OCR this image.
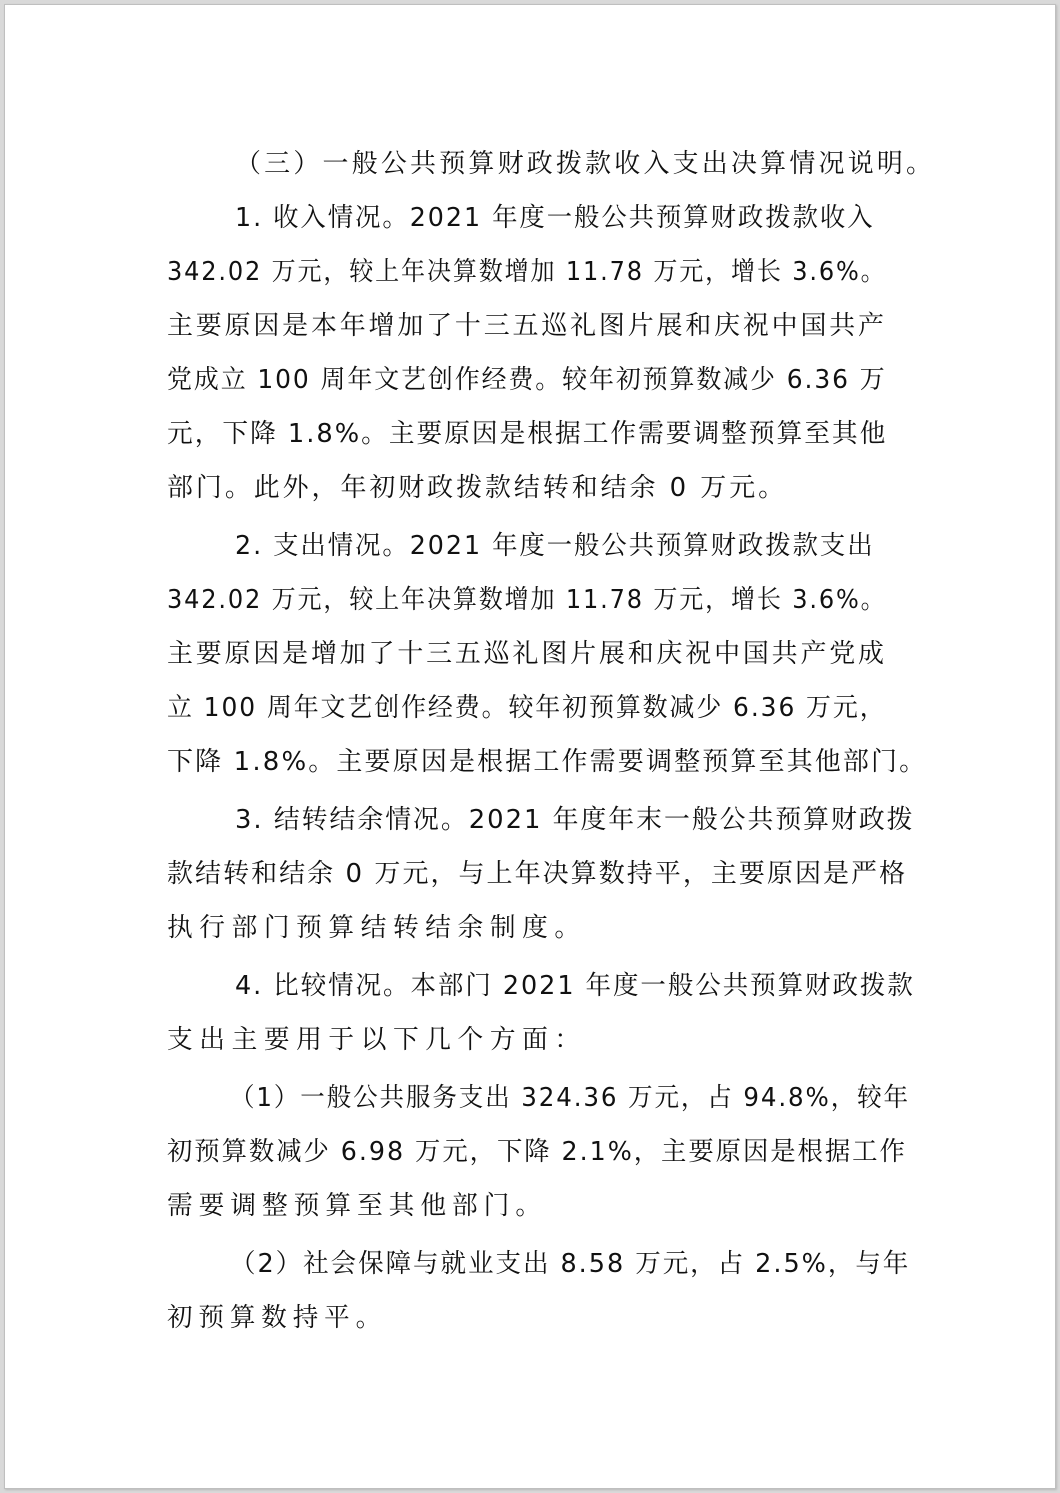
（三）一般公共预算财政拨款收入支出决算情况说明。
1. 收入情况。2021 年度一般公共预算财政拨款收入
342.02 万元，较上年决算数增加 11.78 万元，增长 3.6%。
主要原因是本年增加了十三五巡礼图片展和庆祝中国共产
党成立 100 周年文艺创作经费。较年初预算数减少 6.36 万
元，下降 1.8%。主要原因是根据工作需要调整预算至其他
部门。此外，年初财政拨款结转和结余 0 万元。
2. 支出情况。2021 年度一般公共预算财政拨款支出
342.02 万元，较上年决算数增加 11.78 万元，增长 3.6%。
主要原因是增加了十三五巡礼图片展和庆祝中国共产党成
立 100 周年文艺创作经费。较年初预算数减少 6.36 万元，
下降 1.8%。主要原因是根据工作需要调整预算至其他部门。
3. 结转结余情况。2021 年度年末一般公共预算财政拨
款结转和结余 0 万元，与上年决算数持平，主要原因是严格
执行部门预算结转结余制度。
4. 比较情况。本部门 2021 年度一般公共预算财政拨款
支出主要用于以下几个方面：
（1）一般公共服务支出 324.36 万元，占 94.8%，较年
初预算数减少 6.98 万元，下降 2.1%，主要原因是根据工作
需要调整预算至其他部门。
（2）社会保障与就业支出 8.58 万元，占 2.5%，与年
初预算数持平。
